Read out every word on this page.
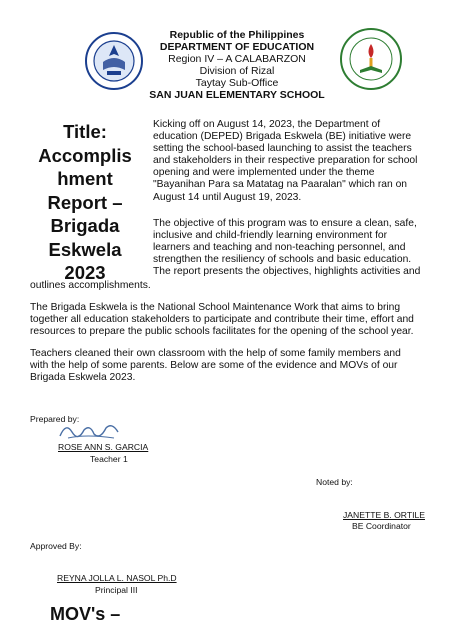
Republic of the Philippines
DEPARTMENT OF EDUCATION
Region IV – A CALABARZON
Division of Rizal
Taytay Sub-Office
SAN JUAN ELEMENTARY SCHOOL
Title:
Accomplis
hment
Report –
Brigada
Eskwela
2023
Kicking off on August 14, 2023, the Department of
education (DEPED) Brigada Eskwela (BE) initiative were
setting the school-based launching to assist the teachers
and stakeholders in their respective preparation for school
opening and were implemented under the theme
"Bayanihan Para sa Matatag na Paaralan" which ran on
August 14 until August 19, 2023.
The objective of this program was to ensure a clean, safe,
inclusive and child-friendly learning environment for
learners and teaching and non-teaching personnel, and
strengthen the resiliency of schools and basic education.
The report presents the objectives, highlights activities and
outlines accomplishments.
The Brigada Eskwela is the National School Maintenance Work that aims to bring
together all education stakeholders to participate and contribute their time, effort and
resources to prepare the public schools facilitates for the opening of the school year.
Teachers cleaned their own classroom with the help of some family members and
with the help of some parents. Below are some of the evidence and MOVs of our
Brigada Eskwela 2023.
Prepared by:
ROSE ANN S. GARCIA
Teacher 1
Noted by:
JANETTE B. ORTILE
BE Coordinator
Approved By:
REYNA JOLLA L. NASOL Ph.D
Principal III
MOV's –
